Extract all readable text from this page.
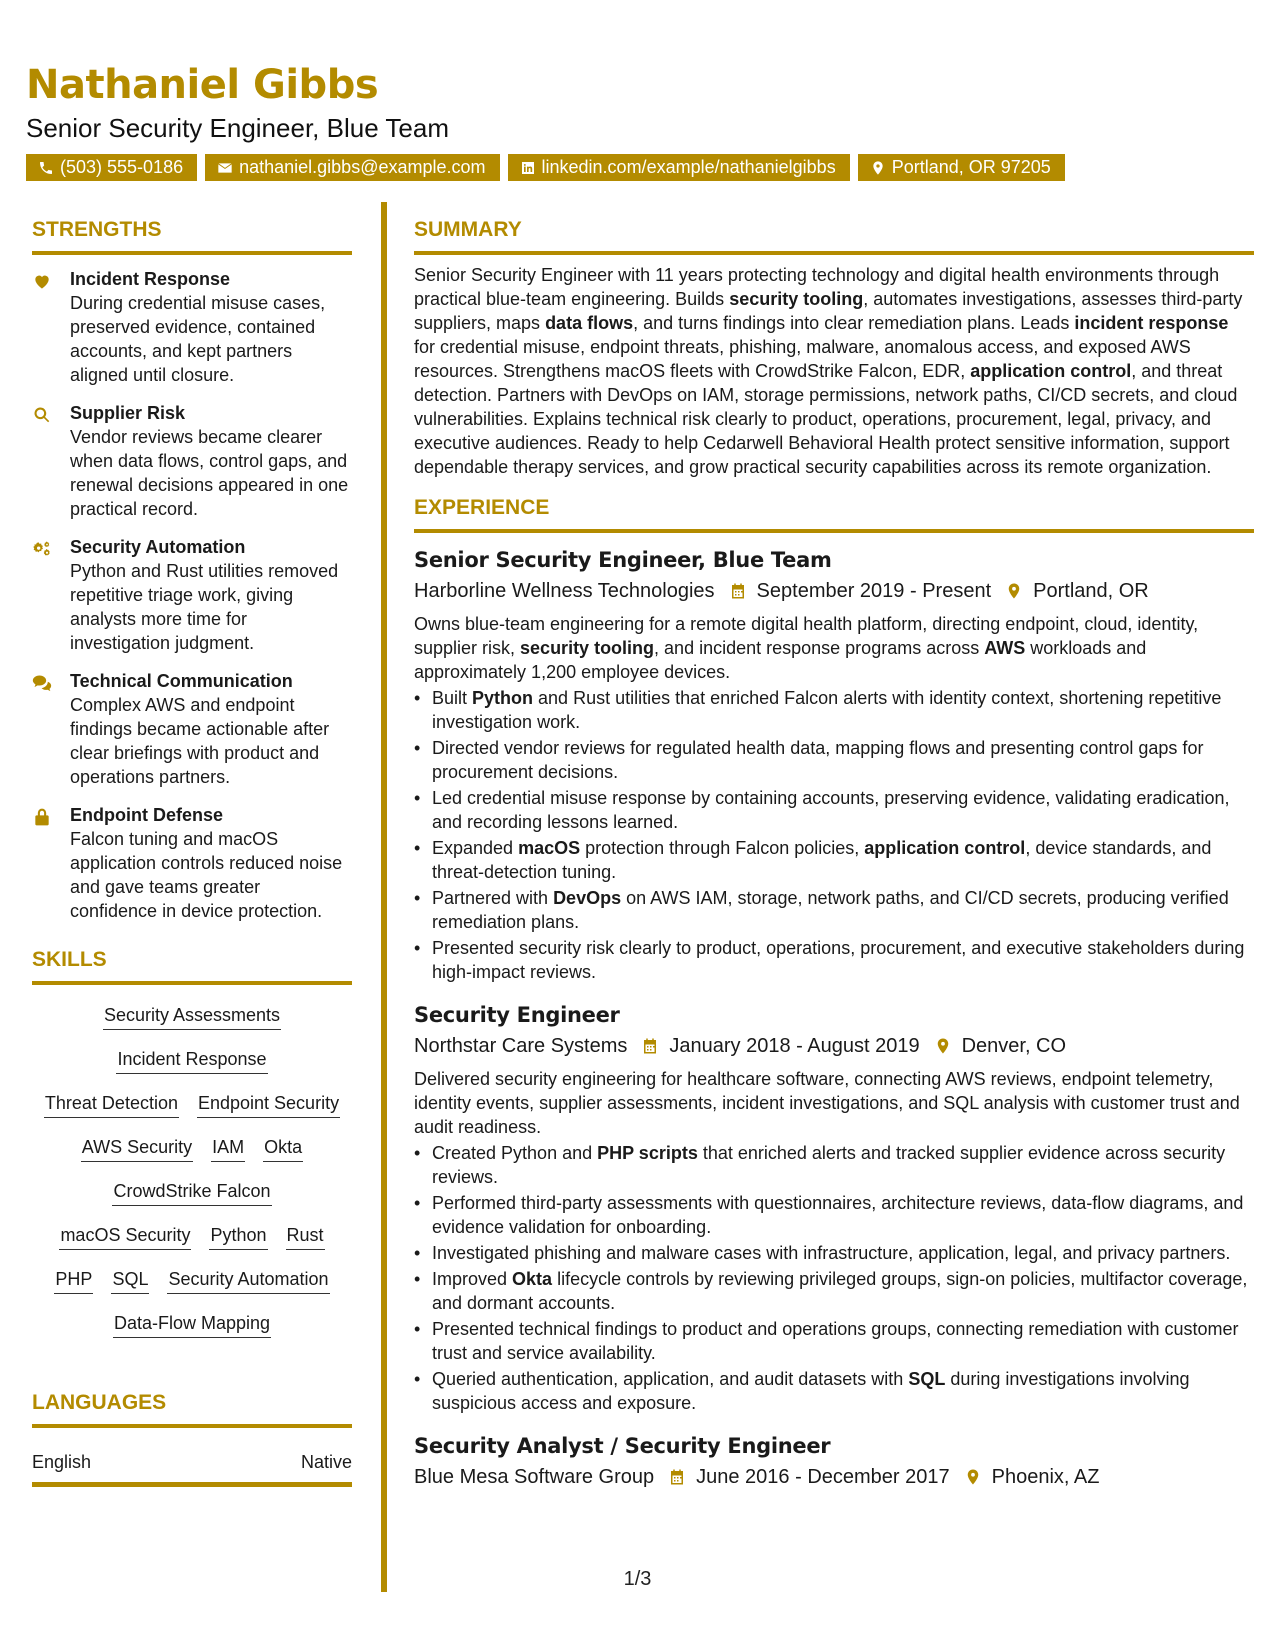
Nathaniel Gibbs
Senior Security Engineer, Blue Team
(503) 555-0186	nathaniel.gibbs@example.com	linkedin.com/example/nathanielgibbs	Portland, OR 97205
STRENGTHS
Incident Response
During credential misuse cases, preserved evidence, contained accounts, and kept partners aligned until closure.
Supplier Risk
Vendor reviews became clearer when data flows, control gaps, and renewal decisions appeared in one practical record.
Security Automation
Python and Rust utilities removed repetitive triage work, giving analysts more time for investigation judgment.
Technical Communication
Complex AWS and endpoint findings became actionable after clear briefings with product and operations partners.
Endpoint Defense
Falcon tuning and macOS application controls reduced noise and gave teams greater confidence in device protection.
SKILLS
Security Assessments
Incident Response
Threat Detection Endpoint Security
AWS Security IAM Okta
CrowdStrike Falcon
macOS Security Python Rust
PHP SQL Security Automation
Data-Flow Mapping
LANGUAGES
English	Native
SUMMARY
Senior Security Engineer with 11 years protecting technology and digital health environments through practical blue-team engineering. Builds security tooling, automates investigations, assesses third-party suppliers, maps data flows, and turns findings into clear remediation plans. Leads incident response for credential misuse, endpoint threats, phishing, malware, anomalous access, and exposed AWS resources. Strengthens macOS fleets with CrowdStrike Falcon, EDR, application control, and threat detection. Partners with DevOps on IAM, storage permissions, network paths, CI/CD secrets, and cloud vulnerabilities. Explains technical risk clearly to product, operations, procurement, legal, privacy, and executive audiences. Ready to help Cedarwell Behavioral Health protect sensitive information, support dependable therapy services, and grow practical security capabilities across its remote organization.
EXPERIENCE
Senior Security Engineer, Blue Team
Harborline Wellness Technologies September 2019 - Present Portland, OR
Owns blue-team engineering for a remote digital health platform, directing endpoint, cloud, identity, supplier risk, security tooling, and incident response programs across AWS workloads and approximately 1,200 employee devices.
• Built Python and Rust utilities that enriched Falcon alerts with identity context, shortening repetitive investigation work.
• Directed vendor reviews for regulated health data, mapping flows and presenting control gaps for procurement decisions.
• Led credential misuse response by containing accounts, preserving evidence, validating eradication, and recording lessons learned.
• Expanded macOS protection through Falcon policies, application control, device standards, and threat-detection tuning.
• Partnered with DevOps on AWS IAM, storage, network paths, and CI/CD secrets, producing verified remediation plans.
• Presented security risk clearly to product, operations, procurement, and executive stakeholders during high-impact reviews.
Security Engineer
Northstar Care Systems January 2018 - August 2019 Denver, CO
Delivered security engineering for healthcare software, connecting AWS reviews, endpoint telemetry, identity events, supplier assessments, incident investigations, and SQL analysis with customer trust and audit readiness.
• Created Python and PHP scripts that enriched alerts and tracked supplier evidence across security reviews.
• Performed third-party assessments with questionnaires, architecture reviews, data-flow diagrams, and evidence validation for onboarding.
• Investigated phishing and malware cases with infrastructure, application, legal, and privacy partners.
• Improved Okta lifecycle controls by reviewing privileged groups, sign-on policies, multifactor coverage, and dormant accounts.
• Presented technical findings to product and operations groups, connecting remediation with customer trust and service availability.
• Queried authentication, application, and audit datasets with SQL during investigations involving suspicious access and exposure.
Security Analyst / Security Engineer
Blue Mesa Software Group June 2016 - December 2017 Phoenix, AZ
1/3
